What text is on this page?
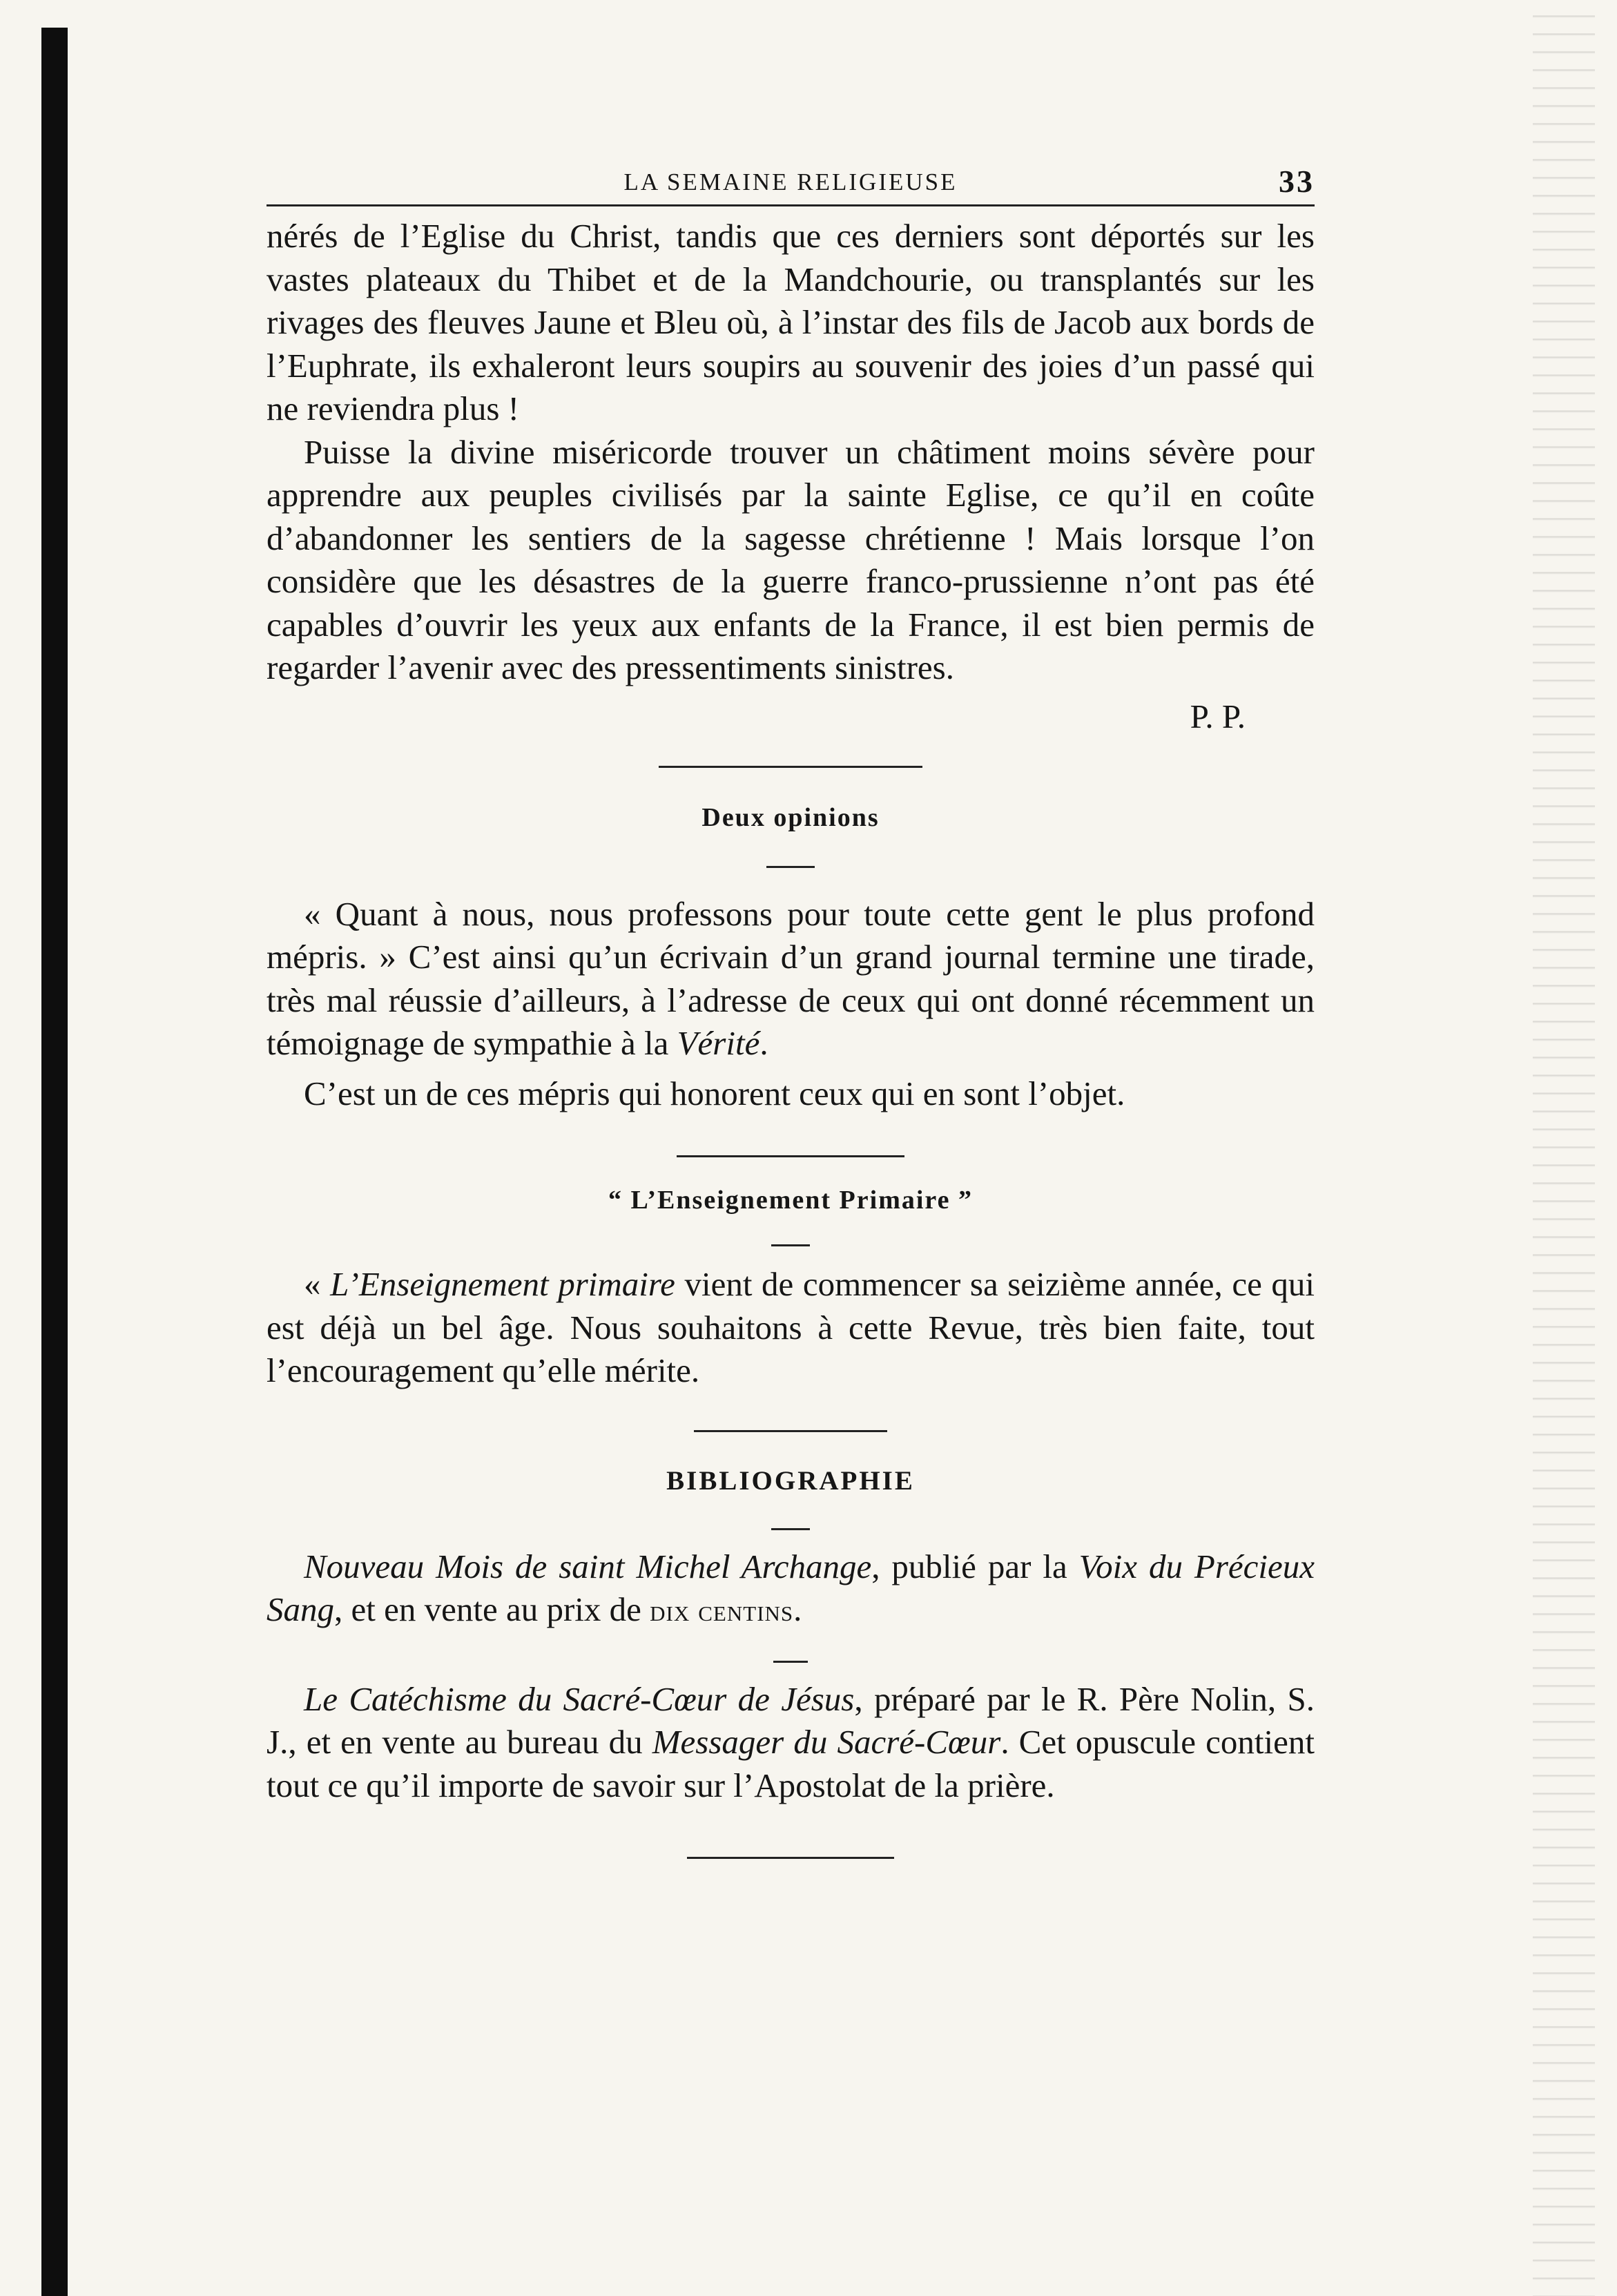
LA SEMAINE RELIGIEUSE	33

nérés de l’Eglise du Christ, tandis que ces derniers sont déportés sur les vastes plateaux du Thibet et de la Mandchourie, ou transplantés sur les rivages des fleuves Jaune et Bleu où, à l’instar des fils de Jacob aux bords de l’Euphrate, ils exhaleront leurs soupirs au souvenir des joies d’un passé qui ne reviendra plus !

Puisse la divine miséricorde trouver un châtiment moins sévère pour apprendre aux peuples civilisés par la sainte Eglise, ce qu’il en coûte d’abandonner les sentiers de la sagesse chrétienne ! Mais lorsque l’on considère que les désastres de la guerre franco-prussienne n’ont pas été capables d’ouvrir les yeux aux enfants de la France, il est bien permis de regarder l’avenir avec des pressentiments sinistres.

P. P.
Deux opinions

« Quant à nous, nous professons pour toute cette gent le plus profond mépris. » C’est ainsi qu’un écrivain d’un grand journal termine une tirade, très mal réussie d’ailleurs, à l’adresse de ceux qui ont donné récemment un témoignage de sympathie à la Vérité.

C’est un de ces mépris qui honorent ceux qui en sont l’objet.

“ L’Enseignement Primaire ”

« L’Enseignement primaire vient de commencer sa seizième année, ce qui est déjà un bel âge. Nous souhaitons à cette Revue, très bien faite, tout l’encouragement qu’elle mérite.

BIBLIOGRAPHIE

Nouveau Mois de saint Michel Archange, publié par la Voix du Précieux Sang, et en vente au prix de dix centins.

Le Catéchisme du Sacré-Cœur de Jésus, préparé par le R. Père Nolin, S. J., et en vente au bureau du Messager du Sacré-Cœur. Cet opuscule contient tout ce qu’il importe de savoir sur l’Apostolat de la prière.
